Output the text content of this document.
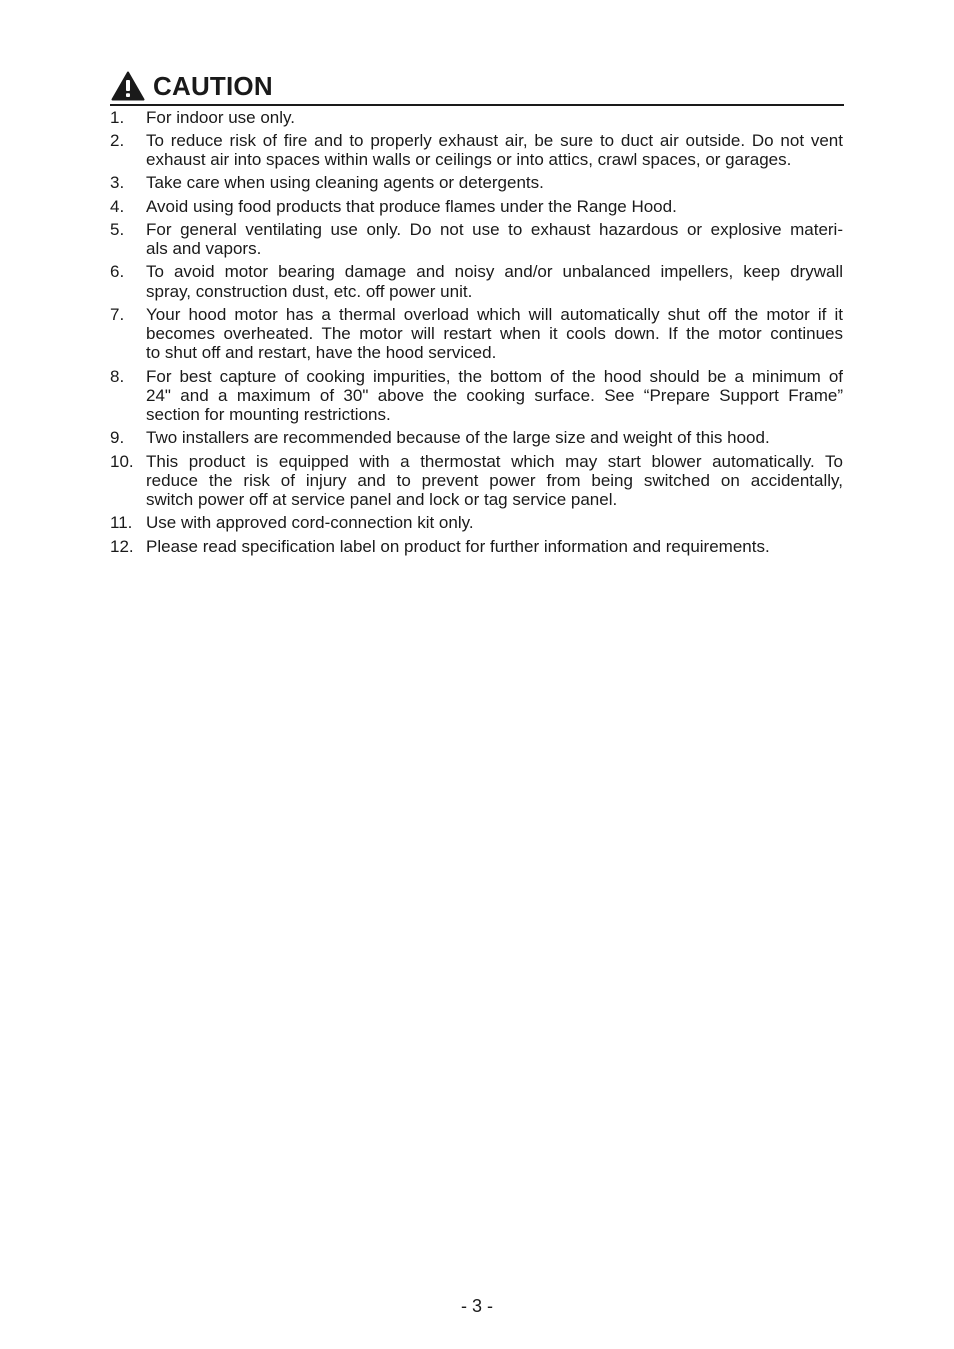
CAUTION
1. For indoor use only.
2. To reduce risk of fire and to properly exhaust air, be sure to duct air outside. Do not vent
exhaust air into spaces within walls or ceilings or into attics, crawl spaces, or garages.
3. Take care when using cleaning agents or detergents.
4. Avoid using food products that produce flames under the Range Hood.
5. For general ventilating use only. Do not use to exhaust hazardous or explosive materi-
als and vapors.
6. To avoid motor bearing damage and noisy and/or unbalanced impellers, keep drywall
spray, construction dust, etc. off power unit.
7. Your hood motor has a thermal overload which will automatically shut off the motor if it
becomes overheated. The motor will restart when it cools down. If the motor continues
to shut off and restart, have the hood serviced.
8. For best capture of cooking impurities, the bottom of the hood should be a minimum of
24" and a maximum of 30" above the cooking surface. See “Prepare Support Frame”
section for mounting restrictions.
9. Two installers are recommended because of the large size and weight of this hood.
10. This product is equipped with a thermostat which may start blower automatically. To
reduce the risk of injury and to prevent power from being switched on accidentally,
switch power off at service panel and lock or tag service panel.
11. Use with approved cord-connection kit only.
12. Please read specification label on product for further information and requirements.
- 3 -
